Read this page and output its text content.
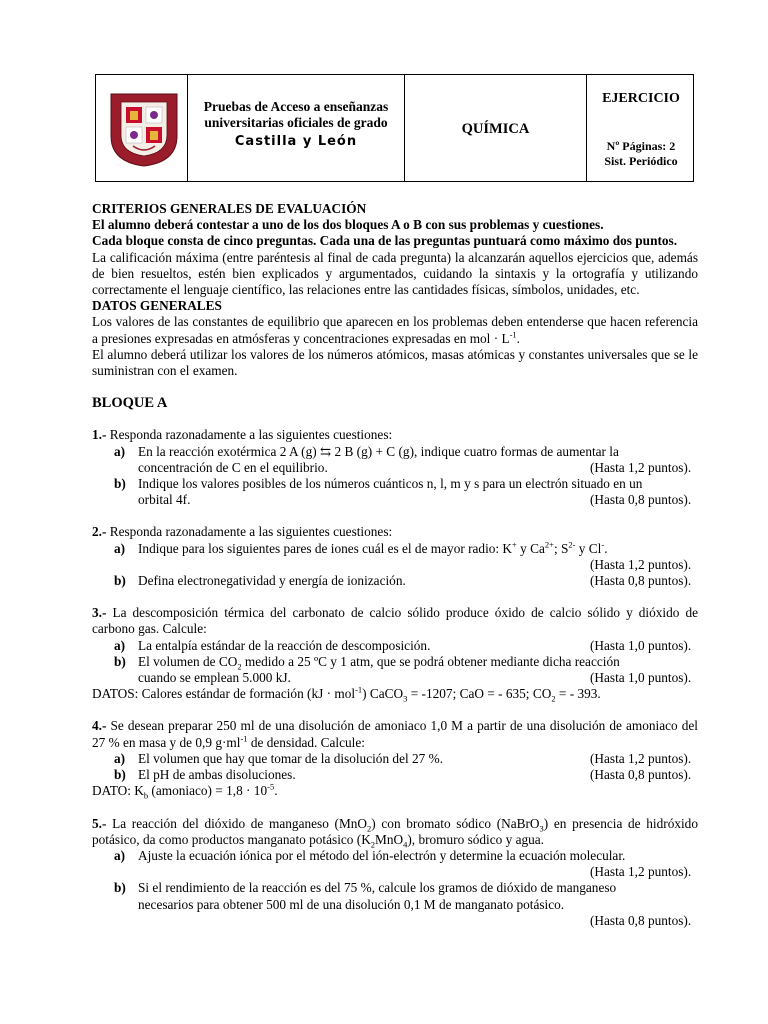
Pruebas de Acceso a enseñanzas
universitarias oficiales de grado
Castilla y León
QUÍMICA
EJERCICIO
Nº Páginas: 2
Sist. Periódico

CRITERIOS GENERALES DE EVALUACIÓN

El alumno deberá contestar a uno de los dos bloques A o B con sus problemas y cuestiones.

Cada bloque consta de cinco preguntas. Cada una de las preguntas puntuará como máximo dos puntos.

La calificación máxima (entre paréntesis al final de cada pregunta) la alcanzarán aquellos ejercicios que, además de bien resueltos, estén bien explicados y argumentados, cuidando la sintaxis y la ortografía y utilizando correctamente el lenguaje científico, las relaciones entre las cantidades físicas, símbolos, unidades, etc.

DATOS GENERALES

Los valores de las constantes de equilibrio que aparecen en los problemas deben entenderse que hacen referencia a presiones expresadas en atmósferas y concentraciones expresadas en mol · $L^{-1}$.

El alumno deberá utilizar los valores de los números atómicos, masas atómicas y constantes universales que se le suministran con el examen.

BLOQUE A

1.- Responda razonadamente a las siguientes cuestiones:

a) En la reacción exotérmica 2 A (g) ⇆ 2 B (g) + C (g), indique cuatro formas de aumentar la
concentración de C en el equilibrio.	(Hasta 1,2 puntos).
b) Indique los valores posibles de los números cuánticos n, l, m y s para un electrón situado en un
orbital 4f.	(Hasta 0,8 puntos).

2.- Responda razonadamente a las siguientes cuestiones:

a) Indique para los siguientes pares de iones cuál es el de mayor radio: K+ y $Ca^{2+}$; $S^{2-}$ y Cl-.
(Hasta 1,2 puntos).

b) Defina electronegatividad y energía de ionización.	(Hasta 0,8 puntos).

3.- La descomposición térmica del carbonato de calcio sólido produce óxido de calcio sólido y dióxido de carbono gas. Calcule:

a) La entalpía estándar de la reacción de descomposición.	(Hasta 1,0 puntos).
b) El volumen de $CO_2$ medido a 25 ºC y 1 atm, que se podrá obtener mediante dicha reacción
cuando se emplean 5.000 kJ.	(Hasta 1,0 puntos).

DATOS: Calores estándar de formación (kJ · mol$^{-1}$) CaCO$_3$ = -1207; CaO = - 635; $CO_2$ = - 393.

4.- Se desean preparar 250 ml de una disolución de amoniaco 1,0 M a partir de una disolución de amoniaco del 27 % en masa y de 0,9 $g\cdot ml^{-1}$ de densidad. Calcule:

a) El volumen que hay que tomar de la disolución del 27 %.	(Hasta 1,2 puntos).
b) El pH de ambas disoluciones.	(Hasta 0,8 puntos).

DATO: $K_b$ (amoniaco) = $1,8 \cdot 10^{-5}$.

5.- La reacción del dióxido de manganeso (MnO$_2$) con bromato sódico (NaBrO$_3$) en presencia de hidróxido potásico, da como productos manganato potásico $(K_2MnO_4)$, bromuro sódico y agua.

a) Ajuste la ecuación iónica por el método del ión-electrón y determine la ecuación molecular.
(Hasta 1,2 puntos).

b) Si el rendimiento de la reacción es del 75 %, calcule los gramos de dióxido de manganeso
necesarios para obtener 500 ml de una disolución 0,1 M de manganato potásico.
(Hasta 0,8 puntos).
